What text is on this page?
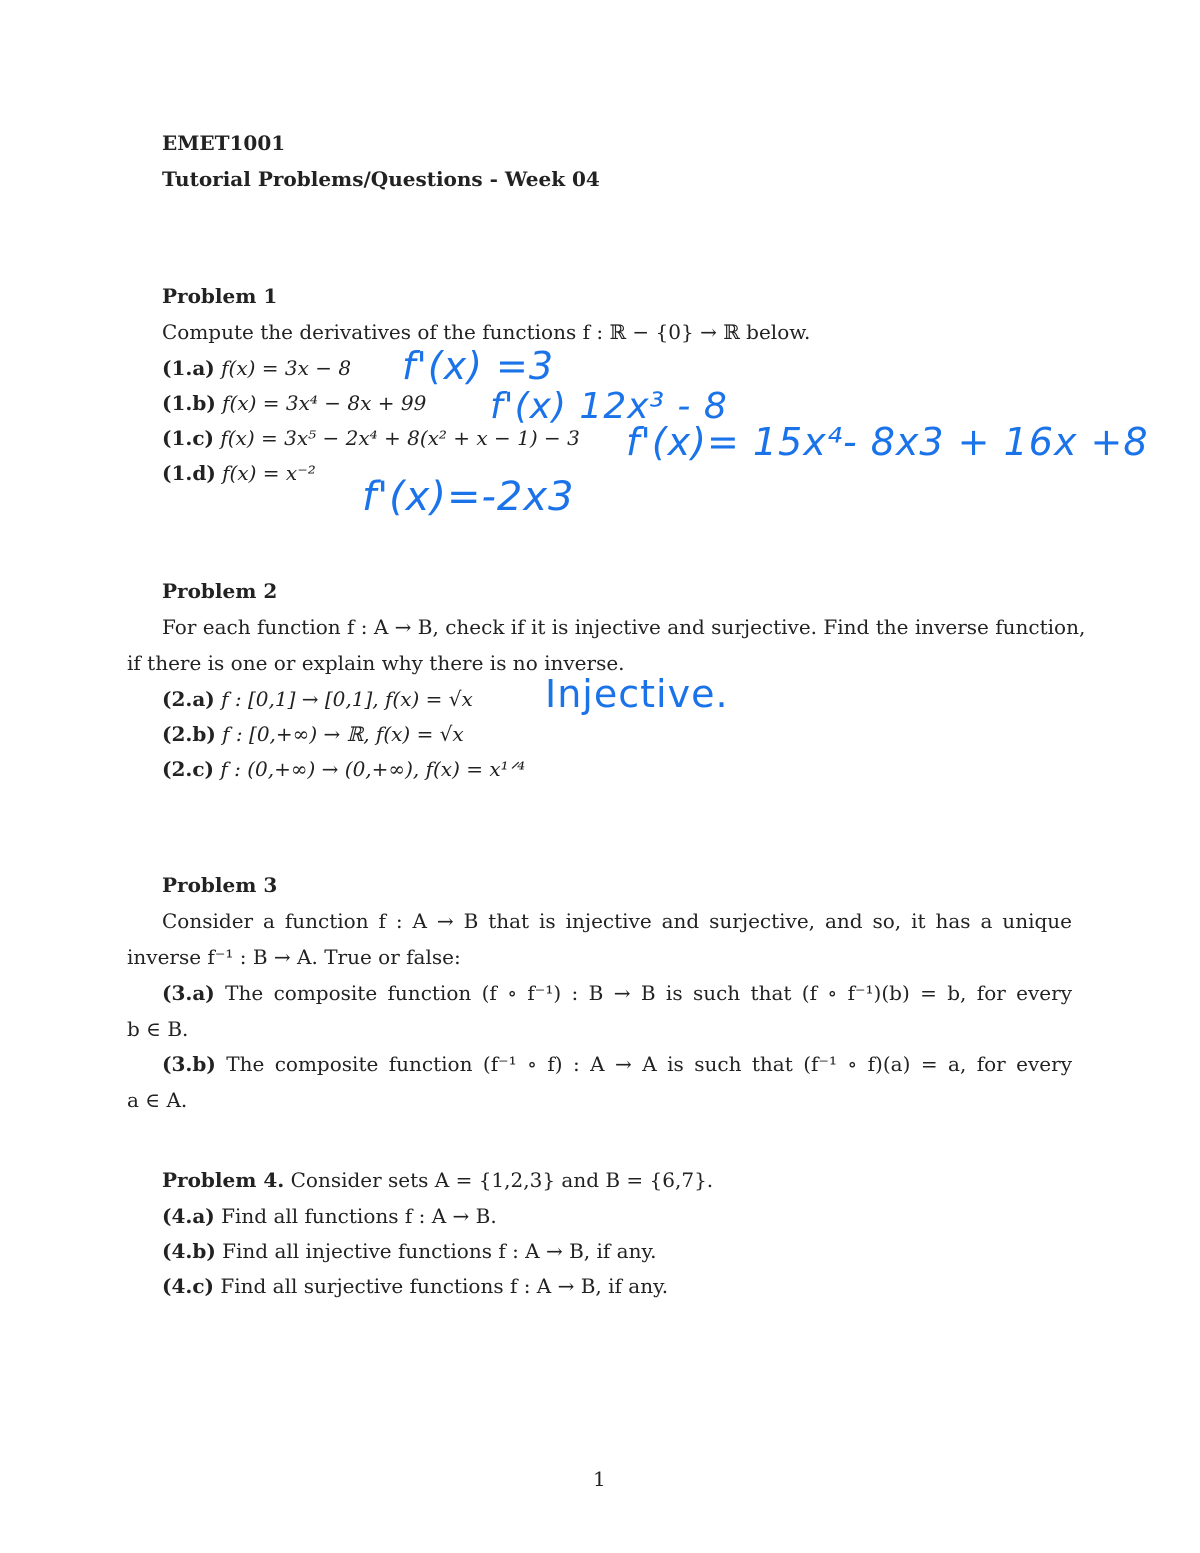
EMET1001
Tutorial Problems/Questions - Week 04
Problem 1
Compute the derivatives of the functions f : ℝ − {0} → ℝ below.
(1.a) f(x) = 3x − 8
(1.b) f(x) = 3x⁴ − 8x + 99
(1.c) f(x) = 3x⁵ − 2x⁴ + 8(x² + x − 1) − 3
(1.d) f(x) = x⁻²
f'(x) =3
f'(x) 12x³ - 8
f'(x)= 15x⁴- 8x3 + 16x +8
f'(x)=-2x3
Problem 2
For each function f : A → B, check if it is injective and surjective. Find the inverse function,
if there is one or explain why there is no inverse.
(2.a) f : [0,1] → [0,1], f(x) = √x
(2.b) f : [0,+∞) → ℝ, f(x) = √x
(2.c) f : (0,+∞) → (0,+∞), f(x) = x¹ᐟ⁴
Injective.
Problem 3
Consider a function f : A → B that is injective and surjective, and so, it has a unique
inverse f⁻¹ : B → A. True or false:
(3.a) The composite function (f ∘ f⁻¹) : B → B is such that (f ∘ f⁻¹)(b) = b, for every
b ∈ B.
(3.b) The composite function (f⁻¹ ∘ f) : A → A is such that (f⁻¹ ∘ f)(a) = a, for every
a ∈ A.
Problem 4. Consider sets A = {1,2,3} and B = {6,7}.
(4.a) Find all functions f : A → B.
(4.b) Find all injective functions f : A → B, if any.
(4.c) Find all surjective functions f : A → B, if any.
1
